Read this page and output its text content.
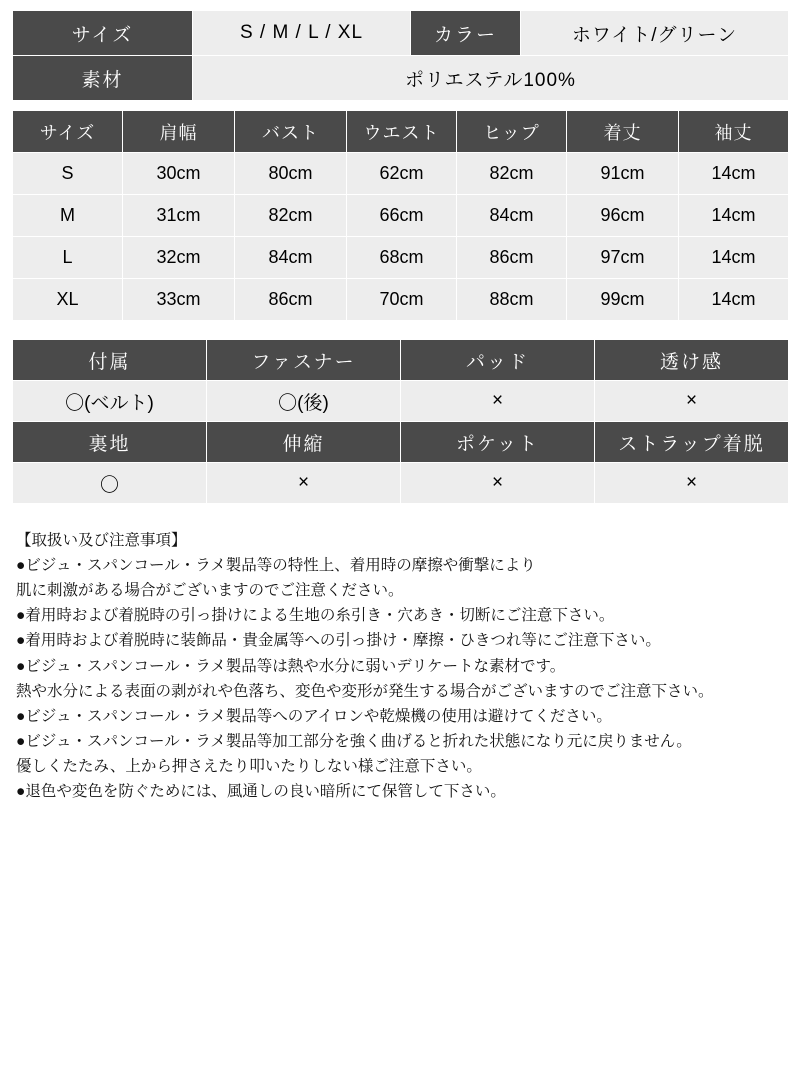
サイズ	S / M / L / XL	カラー	ホワイト/グリーン
素材	ポリエステル100%		
サイズ	肩幅	バスト	ウエスト	ヒップ	着丈	袖丈
S	30cm	80cm	62cm	82cm	91cm	14cm
M	31cm	82cm	66cm	84cm	96cm	14cm
L	32cm	84cm	68cm	86cm	97cm	14cm
XL	33cm	86cm	70cm	88cm	99cm	14cm
付属	ファスナー	パッド	透け感
〇(ベルト)	〇(後)	×	×
裏地	伸縮	ポケット	ストラップ着脱
〇	×	×	×
【取扱い及び注意事項】
●ビジュ・スパンコール・ラメ製品等の特性上、着用時の摩擦や衝撃により
肌に刺激がある場合がございますのでご注意ください。
●着用時および着脱時の引っ掛けによる生地の糸引き・穴あき・切断にご注意下さい。
●着用時および着脱時に装飾品・貴金属等への引っ掛け・摩擦・ひきつれ等にご注意下さい。
●ビジュ・スパンコール・ラメ製品等は熱や水分に弱いデリケートな素材です。
熱や水分による表面の剥がれや色落ち、変色や変形が発生する場合がございますのでご注意下さい。
●ビジュ・スパンコール・ラメ製品等へのアイロンや乾燥機の使用は避けてください。
●ビジュ・スパンコール・ラメ製品等加工部分を強く曲げると折れた状態になり元に戻りません。
優しくたたみ、上から押さえたり叩いたりしない様ご注意下さい。
●退色や変色を防ぐためには、風通しの良い暗所にて保管して下さい。
